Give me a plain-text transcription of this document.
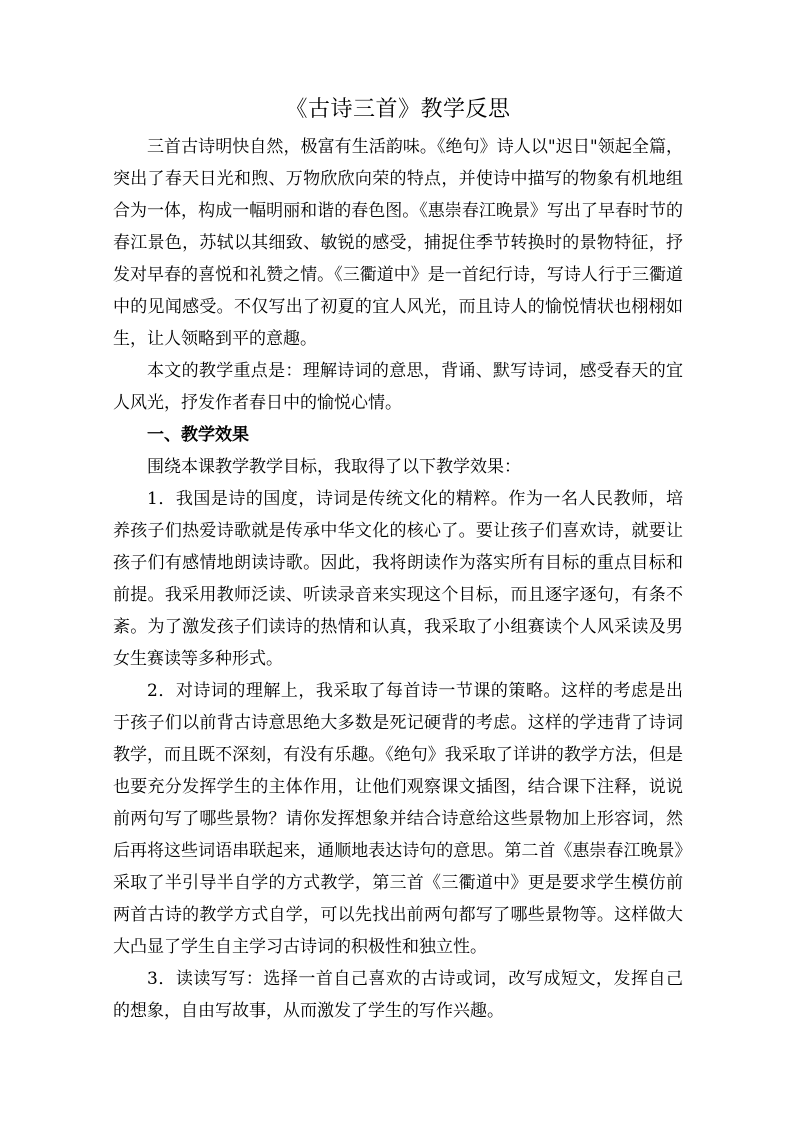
《古诗三首》教学反思

三首古诗明快自然，极富有生活韵味。《绝句》诗人以"迟日"领起全篇，突出了春天日光和煦、万物欣欣向荣的特点，并使诗中描写的物象有机地组合为一体，构成一幅明丽和谐的春色图。《惠崇春江晚景》写出了早春时节的春江景色，苏轼以其细致、敏锐的感受，捕捉住季节转换时的景物特征，抒发对早春的喜悦和礼赞之情。《三衢道中》是一首纪行诗，写诗人行于三衢道中的见闻感受。不仅写出了初夏的宜人风光，而且诗人的愉悦情状也栩栩如生，让人领略到平的意趣。

本文的教学重点是：理解诗词的意思，背诵、默写诗词，感受春天的宜人风光，抒发作者春日中的愉悦心情。

一、教学效果

围绕本课教学教学目标，我取得了以下教学效果：

1．我国是诗的国度，诗词是传统文化的精粹。作为一名人民教师，培养孩子们热爱诗歌就是传承中华文化的核心了。要让孩子们喜欢诗，就要让孩子们有感情地朗读诗歌。因此，我将朗读作为落实所有目标的重点目标和前提。我采用教师泛读、听读录音来实现这个目标，而且逐字逐句，有条不紊。为了激发孩子们读诗的热情和认真，我采取了小组赛读个人风采读及男女生赛读等多种形式。

2．对诗词的理解上，我采取了每首诗一节课的策略。这样的考虑是出于孩子们以前背古诗意思绝大多数是死记硬背的考虑。这样的学违背了诗词教学，而且既不深刻，有没有乐趣。《绝句》我采取了详讲的教学方法，但是也要充分发挥学生的主体作用，让他们观察课文插图，结合课下注释，说说前两句写了哪些景物？请你发挥想象并结合诗意给这些景物加上形容词，然后再将这些词语串联起来，通顺地表达诗句的意思。第二首《惠崇春江晚景》采取了半引导半自学的方式教学，第三首《三衢道中》更是要求学生模仿前两首古诗的教学方式自学，可以先找出前两句都写了哪些景物等。这样做大大凸显了学生自主学习古诗词的积极性和独立性。

3．读读写写：选择一首自己喜欢的古诗或词，改写成短文，发挥自己的想象，自由写故事，从而激发了学生的写作兴趣。
